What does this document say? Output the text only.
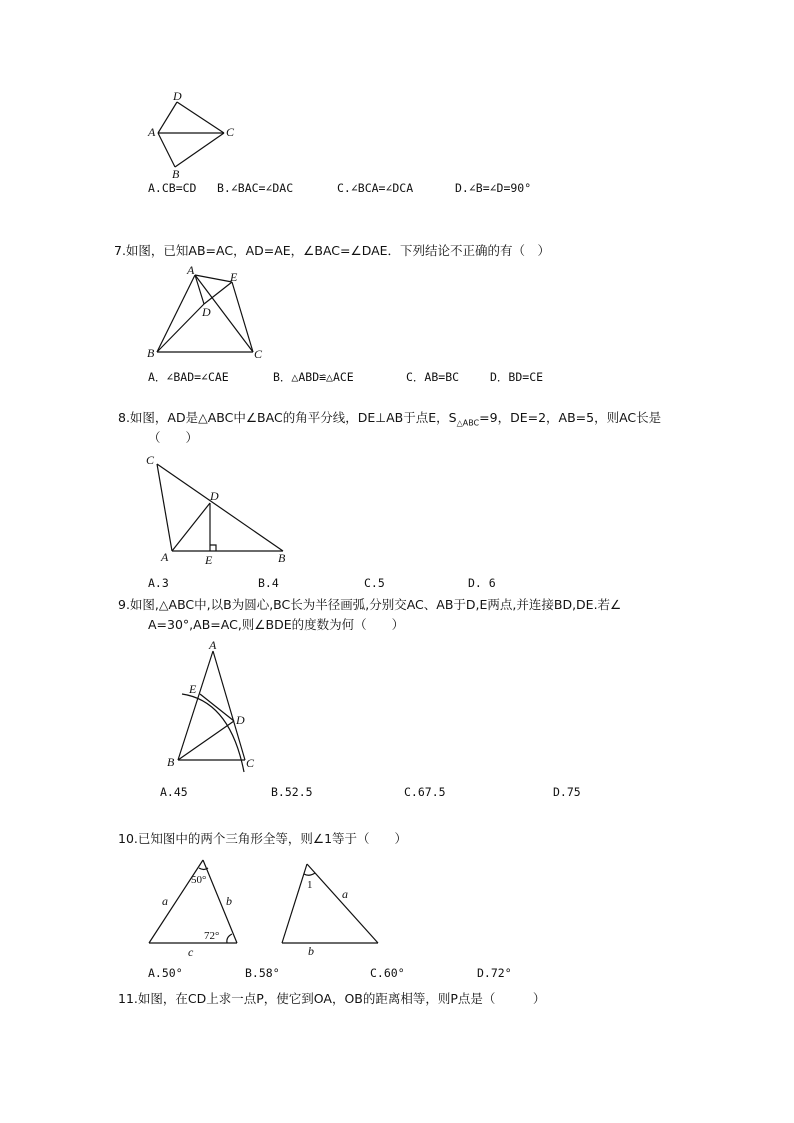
D
A	C
B
A.CB=CD B.∠BAC=∠DAC	C.∠BCA=∠DCA	D.∠B=∠D=90°
7.如图，已知AB=AC，AD=AE，∠BAC=∠DAE．下列结论不正确的有（　）
A	E
D
B	C
A．∠BAD=∠CAE	B．△ABD≌△ACE	C．AB=BC	D．BD=CE
8.如图，AD是△ABC中∠BAC的角平分线，DE⊥AB于点E，$S_{\triangle ABC}=9$，DE=2，AB=5，则AC长是
（　　）
C
D
A	E	B
A.3	B.4	C.5	D. 6
9.如图,△ABC中,以B为圆心,BC长为半径画弧,分别交AC、AB于D,E两点,并连接BD,DE.若∠
A=30°,AB=AC,则∠BDE的度数为何（　　）
A
E
D
B	C
A.45	B.52.5	C.67.5	D.75
10.已知图中的两个三角形全等，则∠1等于（　　）
50°
a	b
72°
c
1
a
b
A.50°	B.58°	C.60°	D.72°
11.如图，在CD上求一点P，使它到OA，OB的距离相等，则P点是（　　　）
